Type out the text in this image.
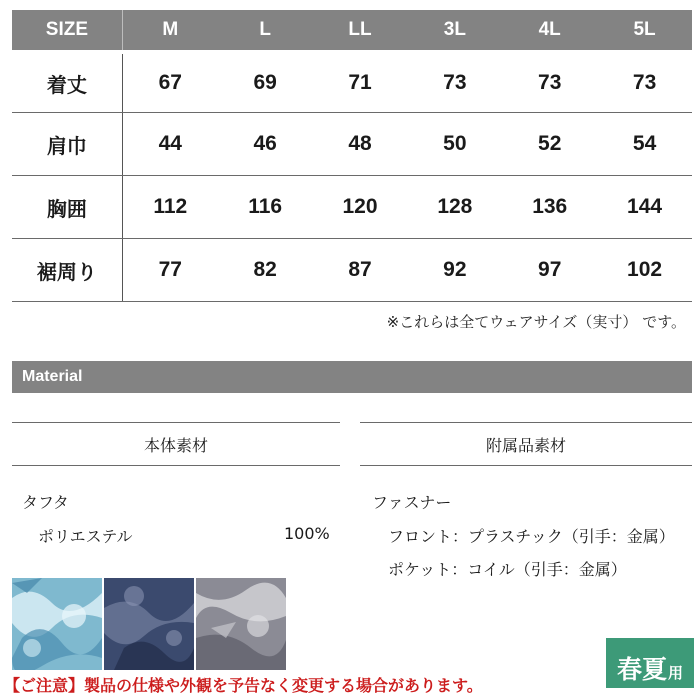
SIZE	M	L	LL	3L	4L	5L
着丈	67	69	71	73	73	73
肩巾	44	46	48	50	52	54
胸囲	112	116	120	128	136	144
裾周り	77	82	87	92	97	102
※これらは全てウェアサイズ（実寸） です。
Material
本体素材	附属品素材
タフタ
ポリエステル	100%
ファスナー
フロント：プラスチック（引手：金属）
ポケット：コイル（引手：金属）
春夏 用
【ご注意】製品の仕様や外観を予告なく変更する場合があります。
